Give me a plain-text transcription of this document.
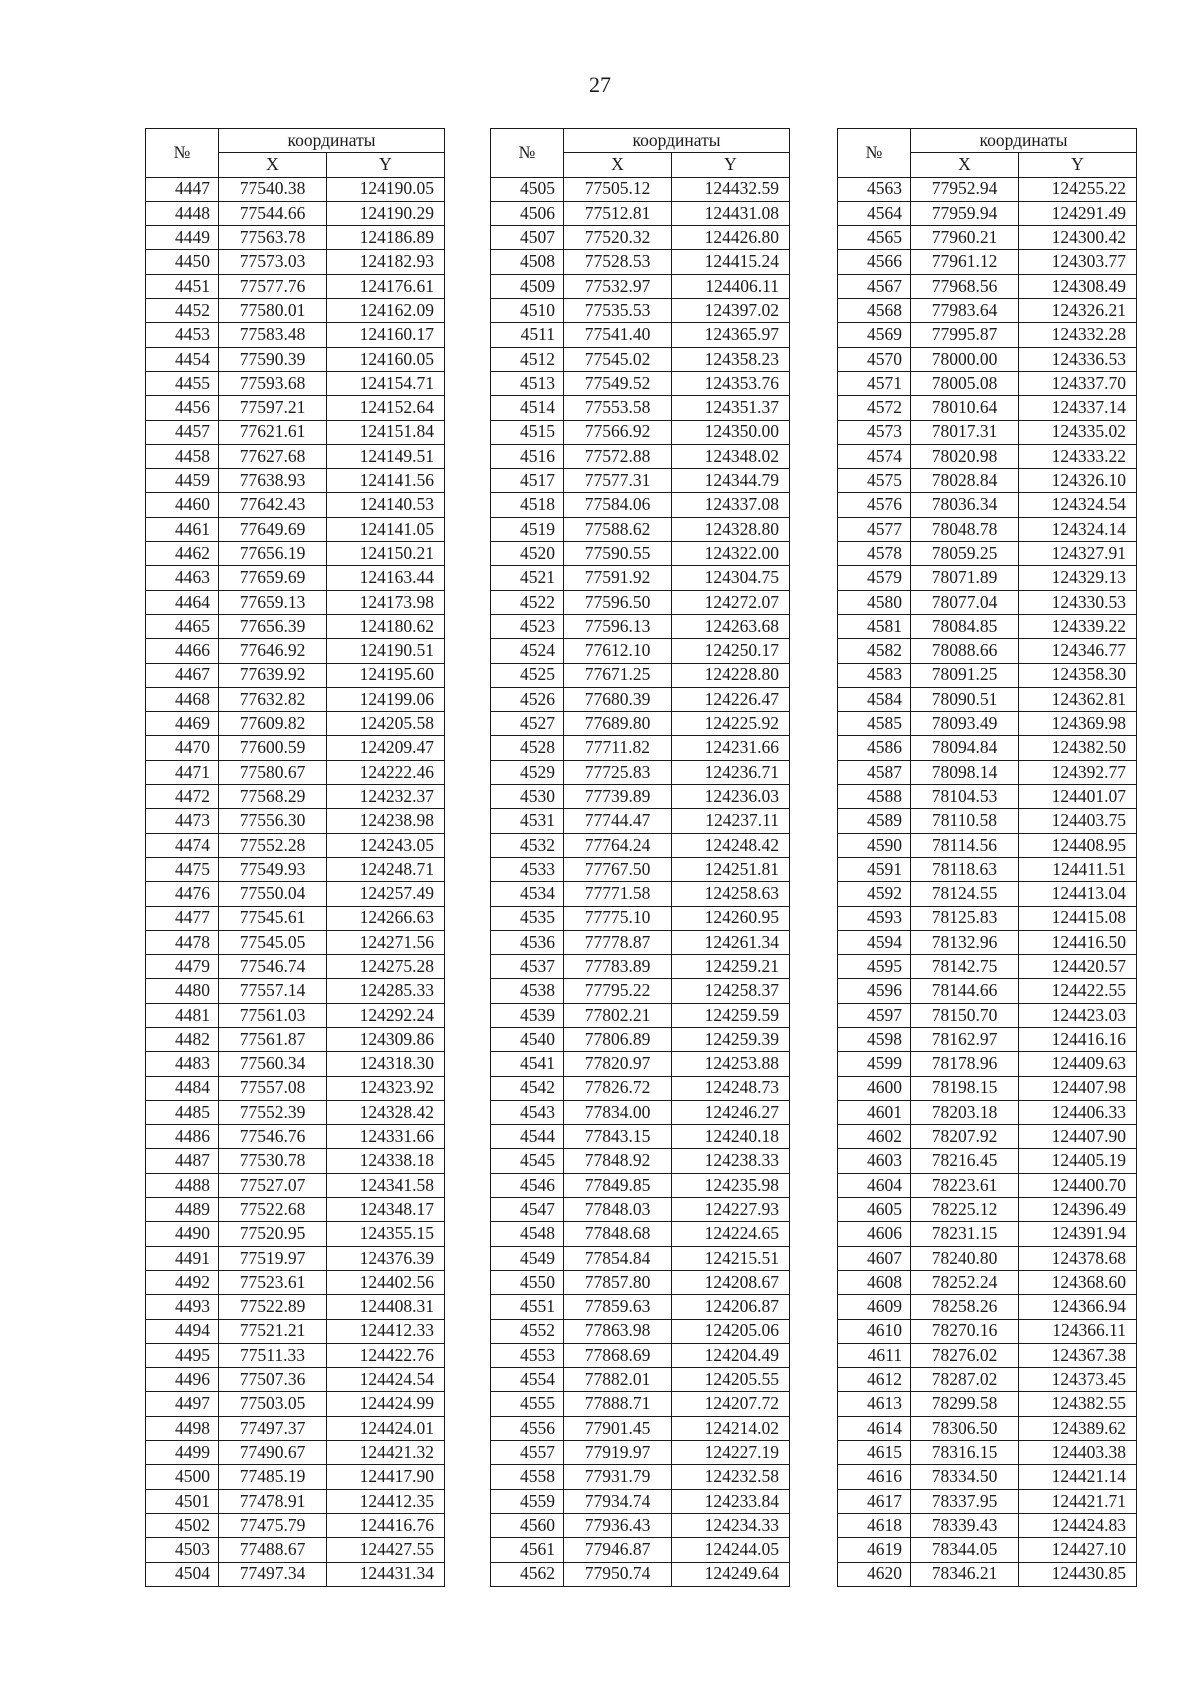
27
№	координаты	
	X	Y
4447	77540.38	124190.05
4448	77544.66	124190.29
4449	77563.78	124186.89
4450	77573.03	124182.93
4451	77577.76	124176.61
4452	77580.01	124162.09
4453	77583.48	124160.17
4454	77590.39	124160.05
4455	77593.68	124154.71
4456	77597.21	124152.64
4457	77621.61	124151.84
4458	77627.68	124149.51
4459	77638.93	124141.56
4460	77642.43	124140.53
4461	77649.69	124141.05
4462	77656.19	124150.21
4463	77659.69	124163.44
4464	77659.13	124173.98
4465	77656.39	124180.62
4466	77646.92	124190.51
4467	77639.92	124195.60
4468	77632.82	124199.06
4469	77609.82	124205.58
4470	77600.59	124209.47
4471	77580.67	124222.46
4472	77568.29	124232.37
4473	77556.30	124238.98
4474	77552.28	124243.05
4475	77549.93	124248.71
4476	77550.04	124257.49
4477	77545.61	124266.63
4478	77545.05	124271.56
4479	77546.74	124275.28
4480	77557.14	124285.33
4481	77561.03	124292.24
4482	77561.87	124309.86
4483	77560.34	124318.30
4484	77557.08	124323.92
4485	77552.39	124328.42
4486	77546.76	124331.66
4487	77530.78	124338.18
4488	77527.07	124341.58
4489	77522.68	124348.17
4490	77520.95	124355.15
4491	77519.97	124376.39
4492	77523.61	124402.56
4493	77522.89	124408.31
4494	77521.21	124412.33
4495	77511.33	124422.76
4496	77507.36	124424.54
4497	77503.05	124424.99
4498	77497.37	124424.01
4499	77490.67	124421.32
4500	77485.19	124417.90
4501	77478.91	124412.35
4502	77475.79	124416.76
4503	77488.67	124427.55
4504	77497.34	124431.34
№	координаты	
	X	Y
4505	77505.12	124432.59
4506	77512.81	124431.08
4507	77520.32	124426.80
4508	77528.53	124415.24
4509	77532.97	124406.11
4510	77535.53	124397.02
4511	77541.40	124365.97
4512	77545.02	124358.23
4513	77549.52	124353.76
4514	77553.58	124351.37
4515	77566.92	124350.00
4516	77572.88	124348.02
4517	77577.31	124344.79
4518	77584.06	124337.08
4519	77588.62	124328.80
4520	77590.55	124322.00
4521	77591.92	124304.75
4522	77596.50	124272.07
4523	77596.13	124263.68
4524	77612.10	124250.17
4525	77671.25	124228.80
4526	77680.39	124226.47
4527	77689.80	124225.92
4528	77711.82	124231.66
4529	77725.83	124236.71
4530	77739.89	124236.03
4531	77744.47	124237.11
4532	77764.24	124248.42
4533	77767.50	124251.81
4534	77771.58	124258.63
4535	77775.10	124260.95
4536	77778.87	124261.34
4537	77783.89	124259.21
4538	77795.22	124258.37
4539	77802.21	124259.59
4540	77806.89	124259.39
4541	77820.97	124253.88
4542	77826.72	124248.73
4543	77834.00	124246.27
4544	77843.15	124240.18
4545	77848.92	124238.33
4546	77849.85	124235.98
4547	77848.03	124227.93
4548	77848.68	124224.65
4549	77854.84	124215.51
4550	77857.80	124208.67
4551	77859.63	124206.87
4552	77863.98	124205.06
4553	77868.69	124204.49
4554	77882.01	124205.55
4555	77888.71	124207.72
4556	77901.45	124214.02
4557	77919.97	124227.19
4558	77931.79	124232.58
4559	77934.74	124233.84
4560	77936.43	124234.33
4561	77946.87	124244.05
4562	77950.74	124249.64
№	координаты	
	X	Y
4563	77952.94	124255.22
4564	77959.94	124291.49
4565	77960.21	124300.42
4566	77961.12	124303.77
4567	77968.56	124308.49
4568	77983.64	124326.21
4569	77995.87	124332.28
4570	78000.00	124336.53
4571	78005.08	124337.70
4572	78010.64	124337.14
4573	78017.31	124335.02
4574	78020.98	124333.22
4575	78028.84	124326.10
4576	78036.34	124324.54
4577	78048.78	124324.14
4578	78059.25	124327.91
4579	78071.89	124329.13
4580	78077.04	124330.53
4581	78084.85	124339.22
4582	78088.66	124346.77
4583	78091.25	124358.30
4584	78090.51	124362.81
4585	78093.49	124369.98
4586	78094.84	124382.50
4587	78098.14	124392.77
4588	78104.53	124401.07
4589	78110.58	124403.75
4590	78114.56	124408.95
4591	78118.63	124411.51
4592	78124.55	124413.04
4593	78125.83	124415.08
4594	78132.96	124416.50
4595	78142.75	124420.57
4596	78144.66	124422.55
4597	78150.70	124423.03
4598	78162.97	124416.16
4599	78178.96	124409.63
4600	78198.15	124407.98
4601	78203.18	124406.33
4602	78207.92	124407.90
4603	78216.45	124405.19
4604	78223.61	124400.70
4605	78225.12	124396.49
4606	78231.15	124391.94
4607	78240.80	124378.68
4608	78252.24	124368.60
4609	78258.26	124366.94
4610	78270.16	124366.11
4611	78276.02	124367.38
4612	78287.02	124373.45
4613	78299.58	124382.55
4614	78306.50	124389.62
4615	78316.15	124403.38
4616	78334.50	124421.14
4617	78337.95	124421.71
4618	78339.43	124424.83
4619	78344.05	124427.10
4620	78346.21	124430.85
